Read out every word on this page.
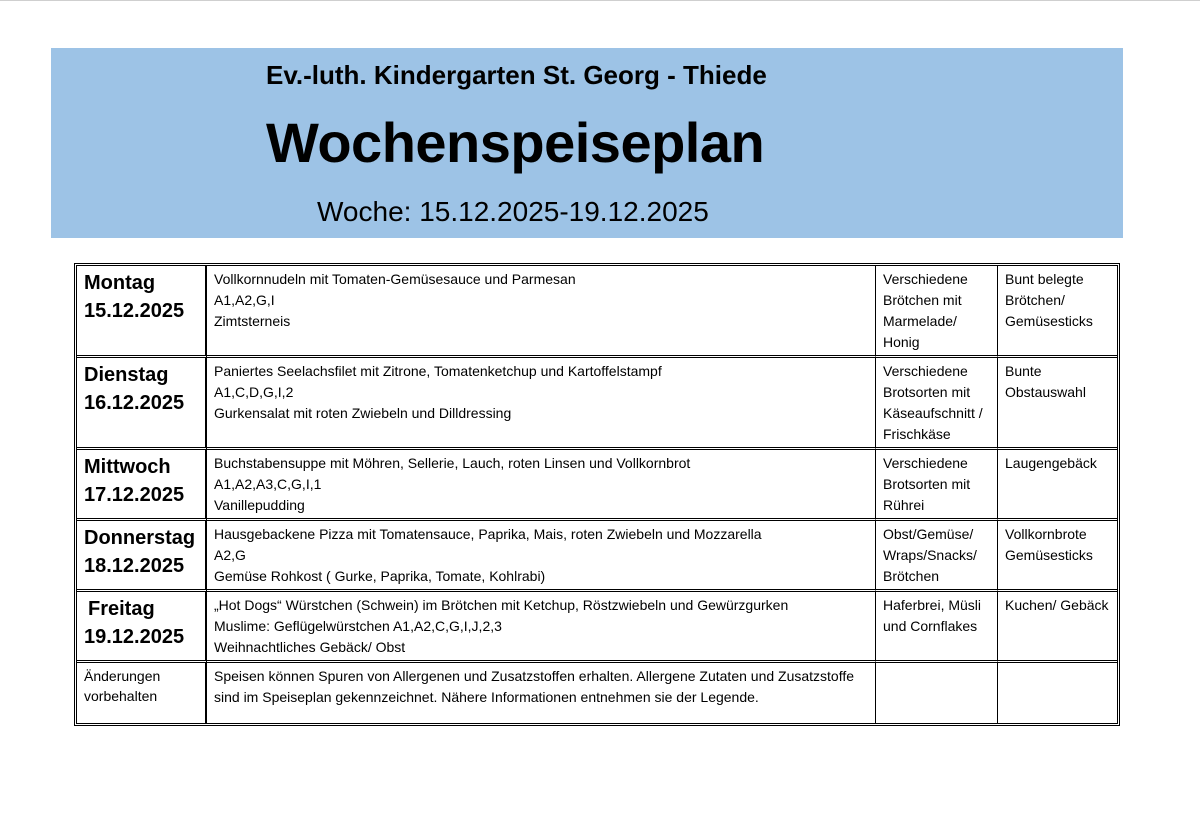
Ev.-luth. Kindergarten St. Georg - Thiede
Wochenspeiseplan
Woche: 15.12.2025-19.12.2025
Montag
15.12.2025	Vollkornnudeln mit Tomaten-Gemüsesauce und Parmesan
A1,A2,G,I
Zimtsterneis	Verschiedene Brötchen mit Marmelade/ Honig	Bunt belegte Brötchen/ Gemüsesticks

Dienstag
16.12.2025	Paniertes Seelachsfilet mit Zitrone, Tomatenketchup und Kartoffelstampf
A1,C,D,G,I,2
Gurkensalat mit roten Zwiebeln und Dilldressing	Verschiedene Brotsorten mit Käseaufschnitt / Frischkäse	Bunte Obstauswahl

Mittwoch
17.12.2025	Buchstabensuppe mit Möhren, Sellerie, Lauch, roten Linsen und Vollkornbrot
A1,A2,A3,C,G,I,1
Vanillepudding	Verschiedene Brotsorten mit Rührei	Laugengebäck

Donnerstag
18.12.2025	Hausgebackene Pizza mit Tomatensauce, Paprika, Mais, roten Zwiebeln und Mozzarella
A2,G
Gemüse Rohkost ( Gurke, Paprika, Tomate, Kohlrabi)	Obst/Gemüse/ Wraps/Snacks/ Brötchen	Vollkornbrote Gemüsesticks

Freitag
19.12.2025	„Hot Dogs“ Würstchen (Schwein) im Brötchen mit Ketchup, Röstzwiebeln und Gewürzgurken
Muslime: Geflügelwürstchen A1,A2,C,G,I,J,2,3
Weihnachtliches Gebäck/ Obst	Haferbrei, Müsli und Cornflakes	Kuchen/ Gebäck

Änderungen vorbehalten	Speisen können Spuren von Allergenen und Zusatzstoffen erhalten. Allergene Zutaten und Zusatzstoffe sind im Speiseplan gekennzeichnet. Nähere Informationen entnehmen sie der Legende.		
